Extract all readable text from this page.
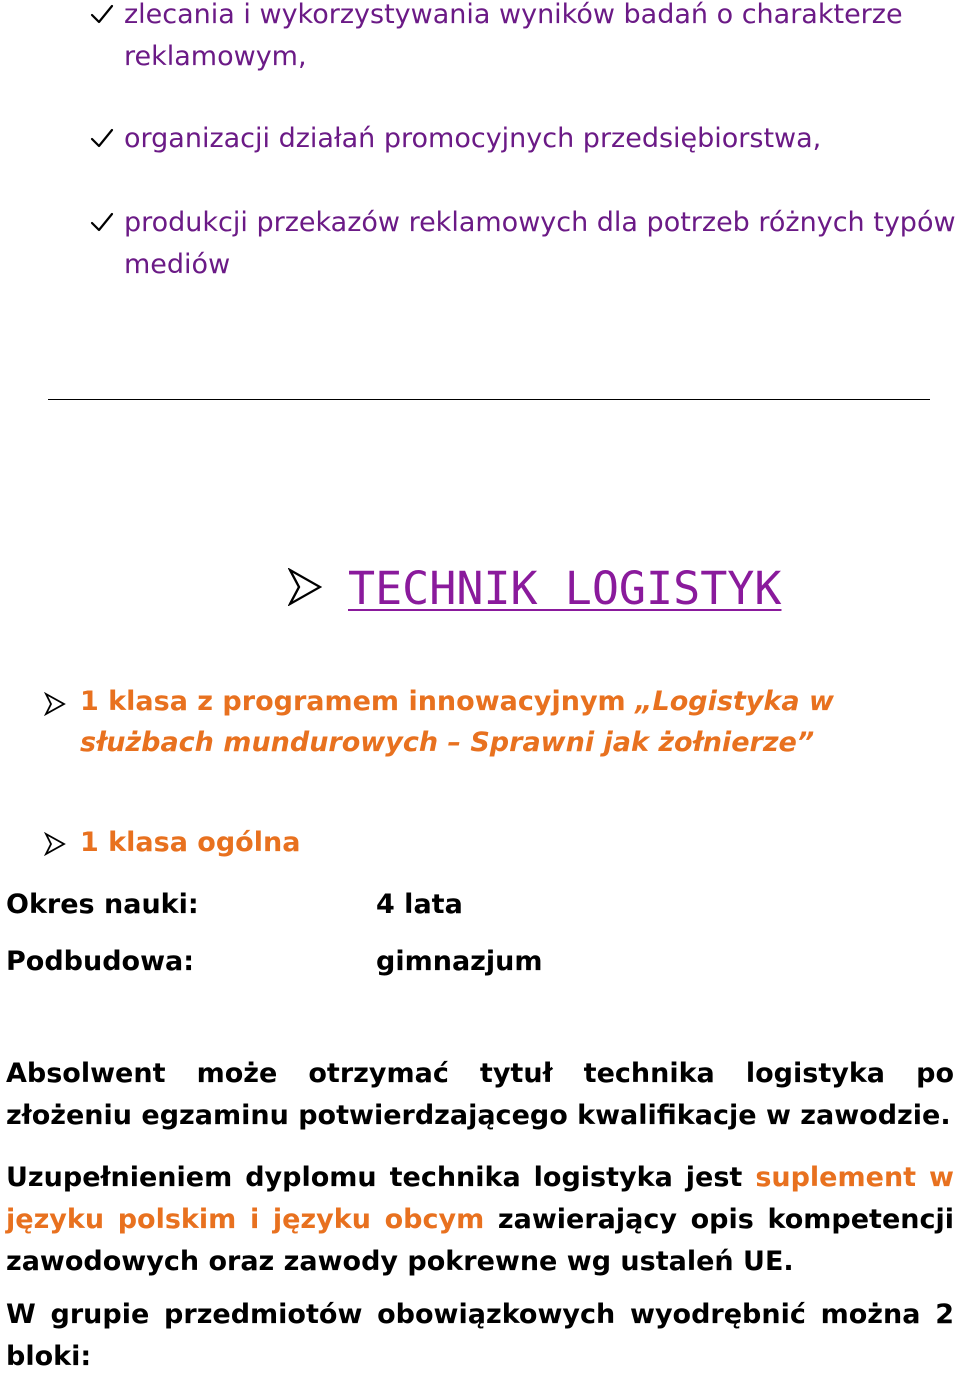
zlecania i wykorzystywania wyników badań o charakterze reklamowym,
organizacji działań promocyjnych przedsiębiorstwa,
produkcji przekazów reklamowych dla potrzeb różnych typów mediów
TECHNIK LOGISTYK
1 klasa z programem innowacyjnym „Logistyka w służbach mundurowych – Sprawni jak żołnierze”
1 klasa ogólna
Okres nauki:	4 lata
Podbudowa:	gimnazjum
Absolwent może otrzymać tytuł technika logistyka po złożeniu egzaminu potwierdzającego kwalifikacje w zawodzie.
Uzupełnieniem dyplomu technika logistyka jest suplement w języku polskim i języku obcym zawierający opis kompetencji zawodowych oraz zawody pokrewne wg ustaleń UE.
W grupie przedmiotów obowiązkowych wyodrębnić można 2 bloki:
